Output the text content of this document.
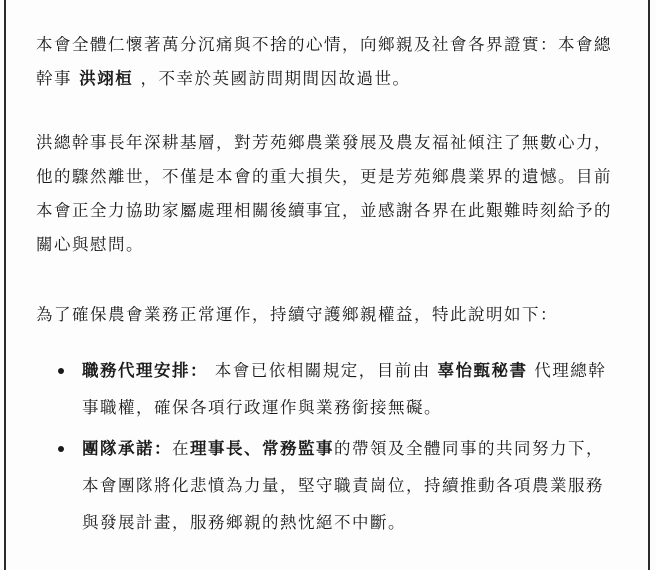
本會全體仁懷著萬分沉痛與不捨的心情，向鄉親及社會各界證實：本會總幹事 洪翊桓 ，不幸於英國訪問期間因故過世。

洪總幹事長年深耕基層，對芳苑鄉農業發展及農友福祉傾注了無數心力，他的驟然離世，不僅是本會的重大損失，更是芳苑鄉農業界的遺憾。目前本會正全力協助家屬處理相關後續事宜，並感謝各界在此艱難時刻給予的關心與慰問。

為了確保農會業務正常運作，持續守護鄉親權益，特此說明如下：

職務代理安排： 本會已依相關規定，目前由 辜怡甄秘書 代理總幹事職權，確保各項行政運作與業務銜接無礙。
團隊承諾：在理事長、常務監事的帶領及全體同事的共同努力下，本會團隊將化悲憤為力量，堅守職責崗位，持續推動各項農業服務與發展計畫，服務鄉親的熱忱絕不中斷。
